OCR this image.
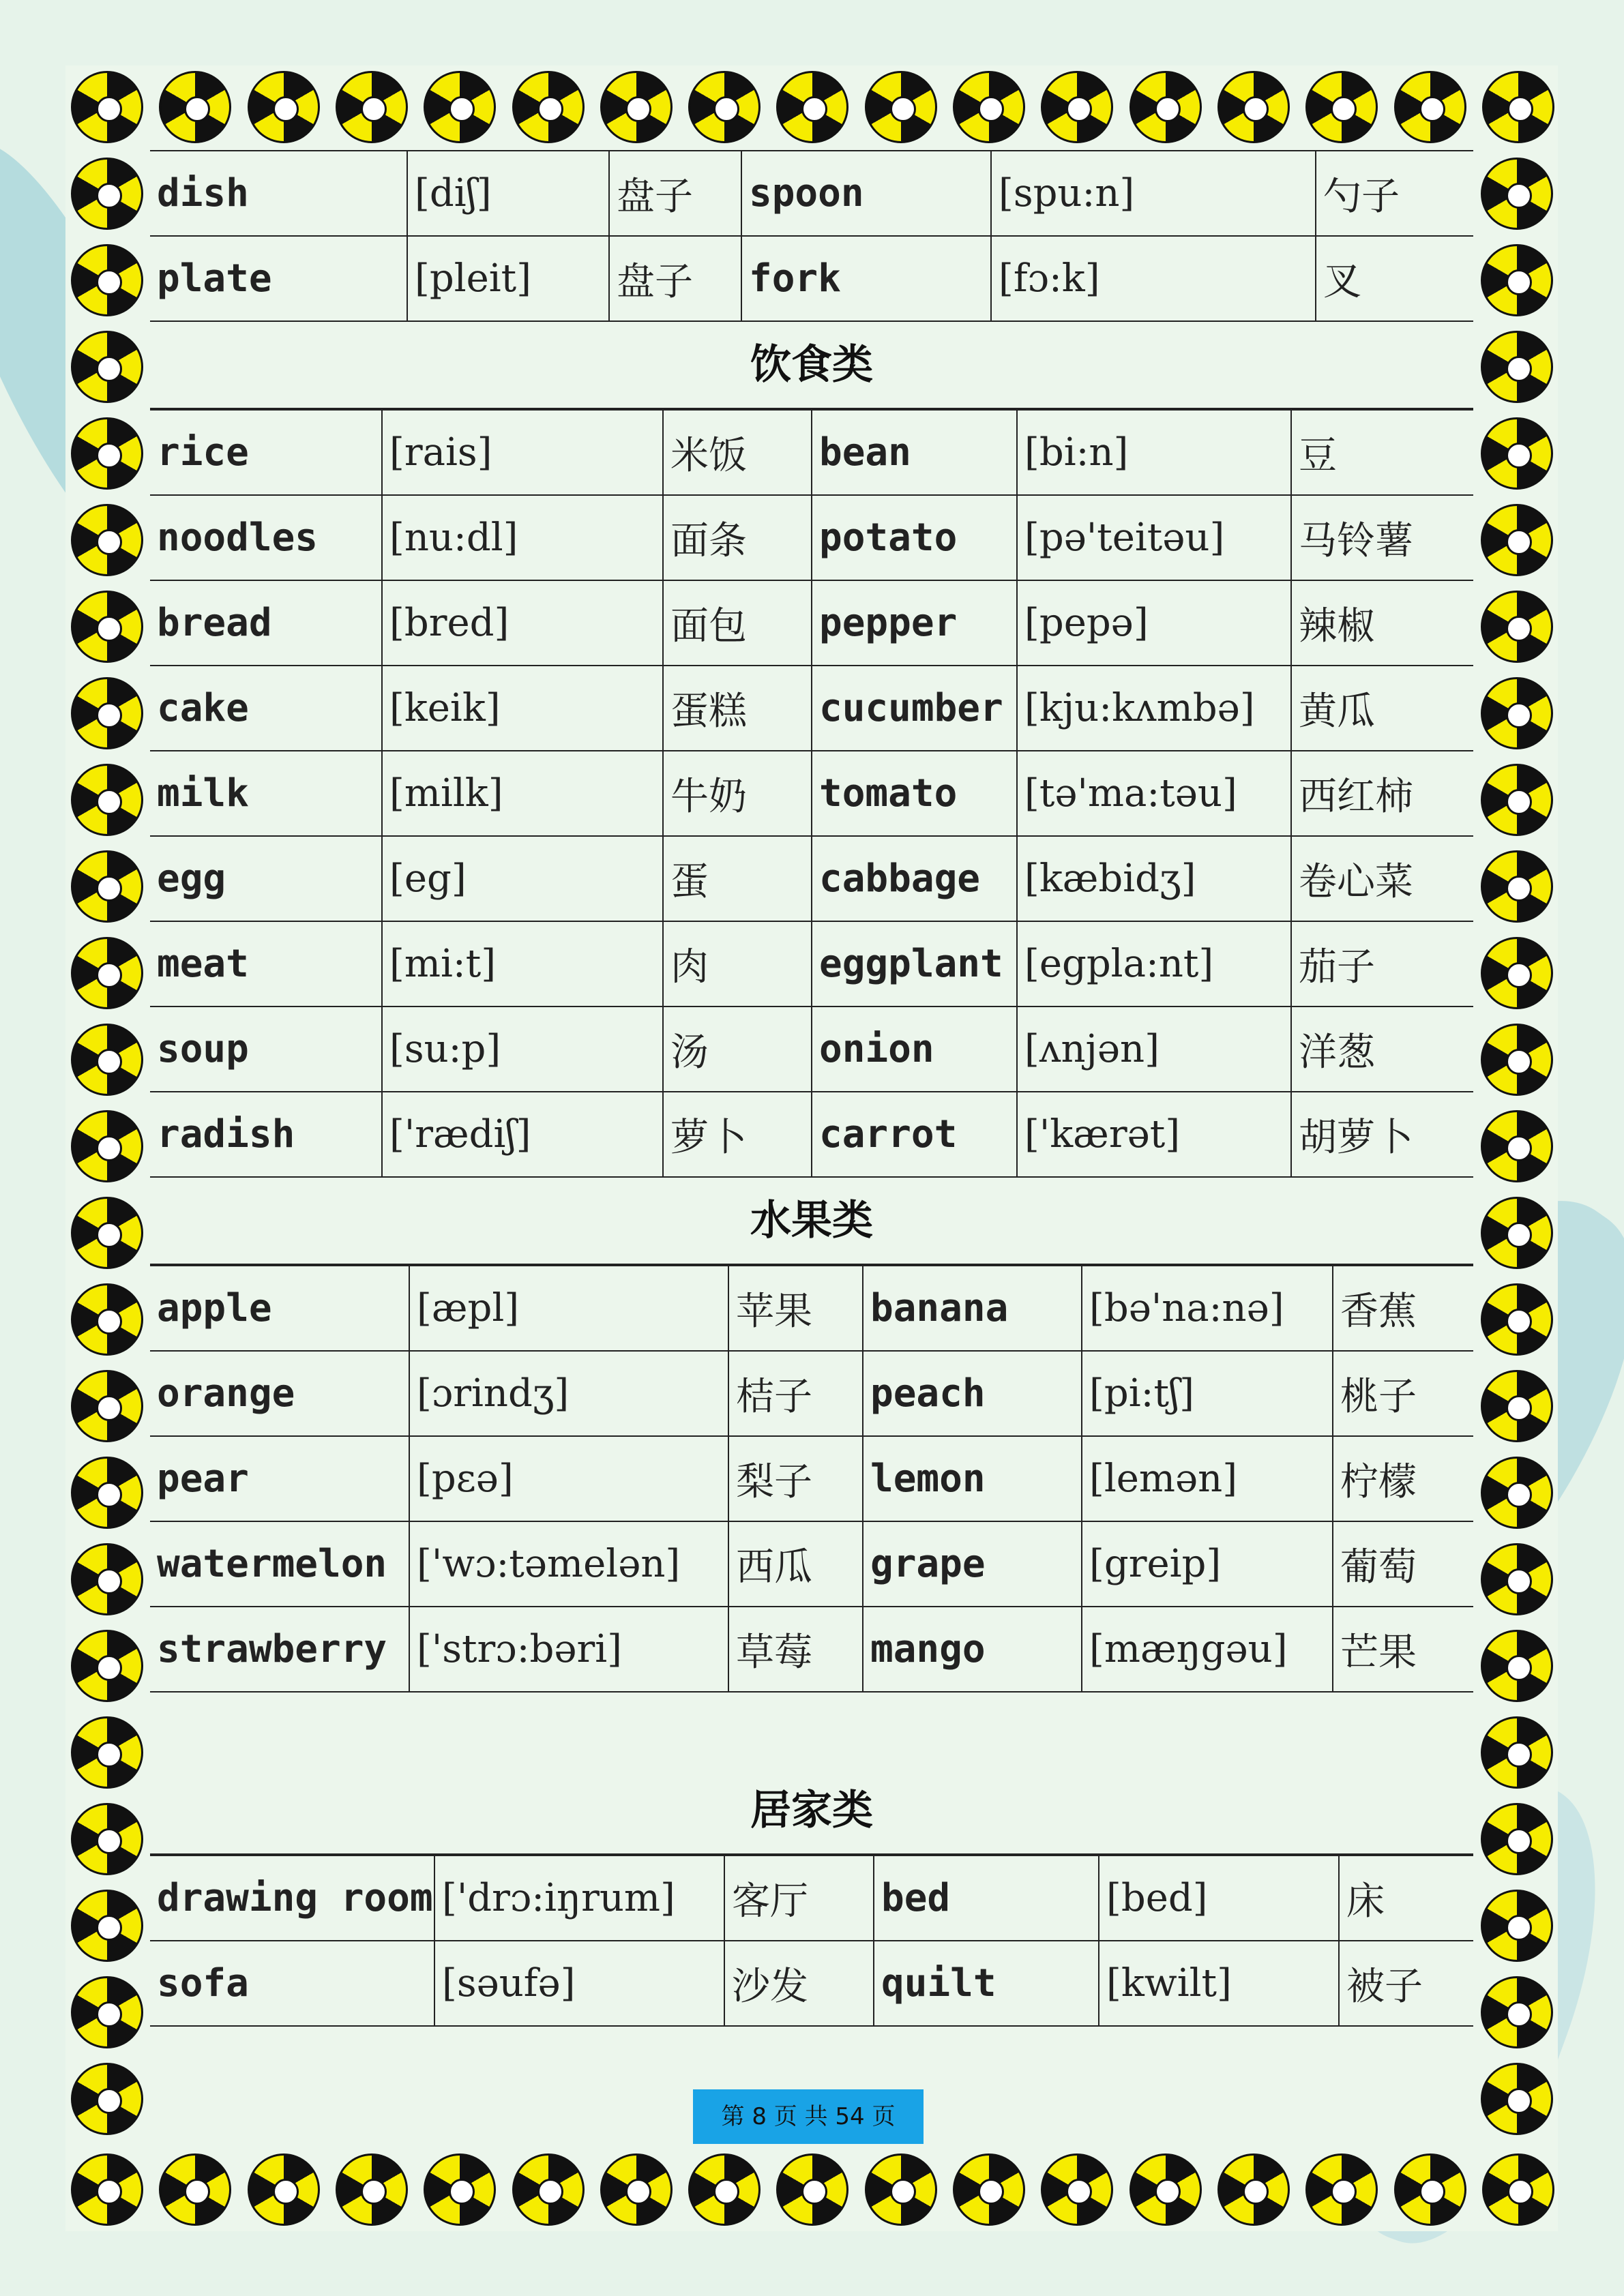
dish	[diʃ]	盘子	spoon	[spu:n]	勺子
plate	[pleit]	盘子	fork	[fɔ:k]	叉
饮食类
rice	[rais]	米饭	bean	[bi:n]	豆
noodles	[nu:dl]	面条	potato	[pə'teitəu]	马铃薯
bread	[bred]	面包	pepper	[pepə]	辣椒
cake	[keik]	蛋糕	cucumber	[kju:kʌmbə]	黄瓜
milk	[milk]	牛奶	tomato	[tə'ma:təu]	西红柿
egg	[eg]	蛋	cabbage	[kæbidʒ]	卷心菜
meat	[mi:t]	肉	eggplant	[egpla:nt]	茄子
soup	[su:p]	汤	onion	[ʌnjən]	洋葱
radish	['rædiʃ]	萝卜	carrot	['kærət]	胡萝卜
水果类
apple	[æpl]	苹果	banana	[bə'na:nə]	香蕉
orange	[ɔrindʒ]	桔子	peach	[pi:tʃ]	桃子
pear	[pɛə]	梨子	lemon	[lemən]	柠檬
watermelon	['wɔ:təmelən]	西瓜	grape	[greip]	葡萄
strawberry	['strɔ:bəri]	草莓	mango	[mæŋgəu]	芒果
居家类
drawing room	['drɔ:iŋrum]	客厅	bed	[bed]	床
sofa	[səufə]	沙发	quilt	[kwilt]	被子
第 8 页 共 54 页
